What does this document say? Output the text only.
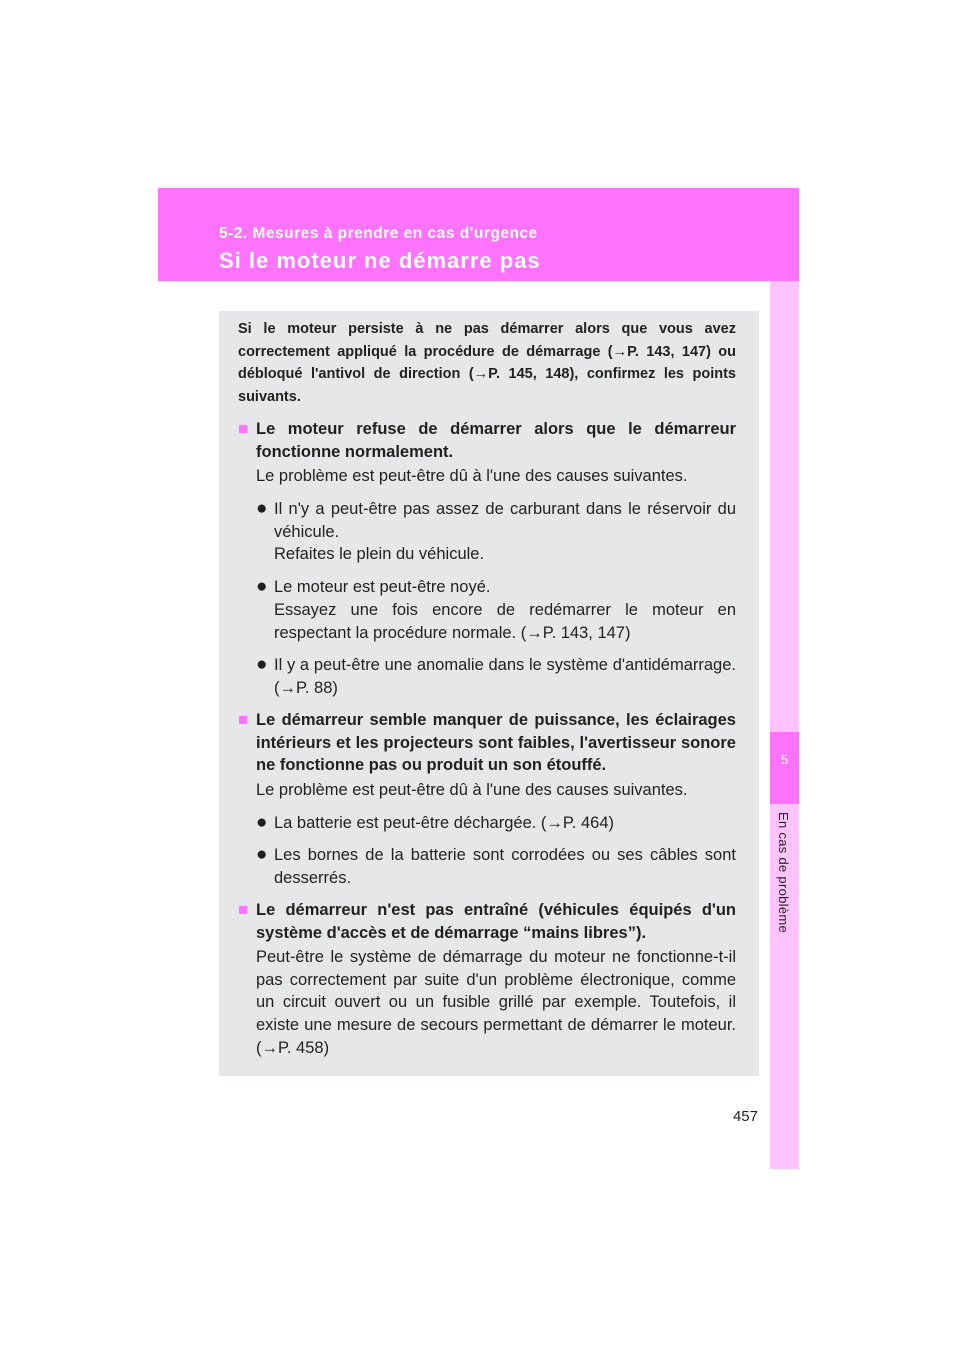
5-2. Mesures à prendre en cas d'urgence
Si le moteur ne démarre pas
5
En cas de problème

Si le moteur persiste à ne pas démarrer alors que vous avez correctement appliqué la procédure de démarrage (→P. 143, 147) ou débloqué l'antivol de direction (→P. 145, 148), confirmez les points suivants.

■ Le moteur refuse de démarrer alors que le démarreur fonctionne normalement.

Le problème est peut-être dû à l'une des causes suivantes.

● Il n'y a peut-être pas assez de carburant dans le réservoir du véhicule.

Refaites le plein du véhicule.

● Le moteur est peut-être noyé.

Essayez une fois encore de redémarrer le moteur en respectant la procédure normale. (→P. 143, 147)

● Il y a peut-être une anomalie dans le système d'antidémarrage. (→P. 88)

■ Le démarreur semble manquer de puissance, les éclairages intérieurs et les projecteurs sont faibles, l'avertisseur sonore ne fonctionne pas ou produit un son étouffé.

Le problème est peut-être dû à l'une des causes suivantes.

● La batterie est peut-être déchargée. (→P. 464)

● Les bornes de la batterie sont corrodées ou ses câbles sont desserrés.

■ Le démarreur n'est pas entraîné (véhicules équipés d'un système d'accès et de démarrage “mains libres”).

Peut-être le système de démarrage du moteur ne fonctionne-t-il pas correctement par suite d'un problème électronique, comme un circuit ouvert ou un fusible grillé par exemple. Toutefois, il existe une mesure de secours permettant de démarrer le moteur. (→P. 458)

457
